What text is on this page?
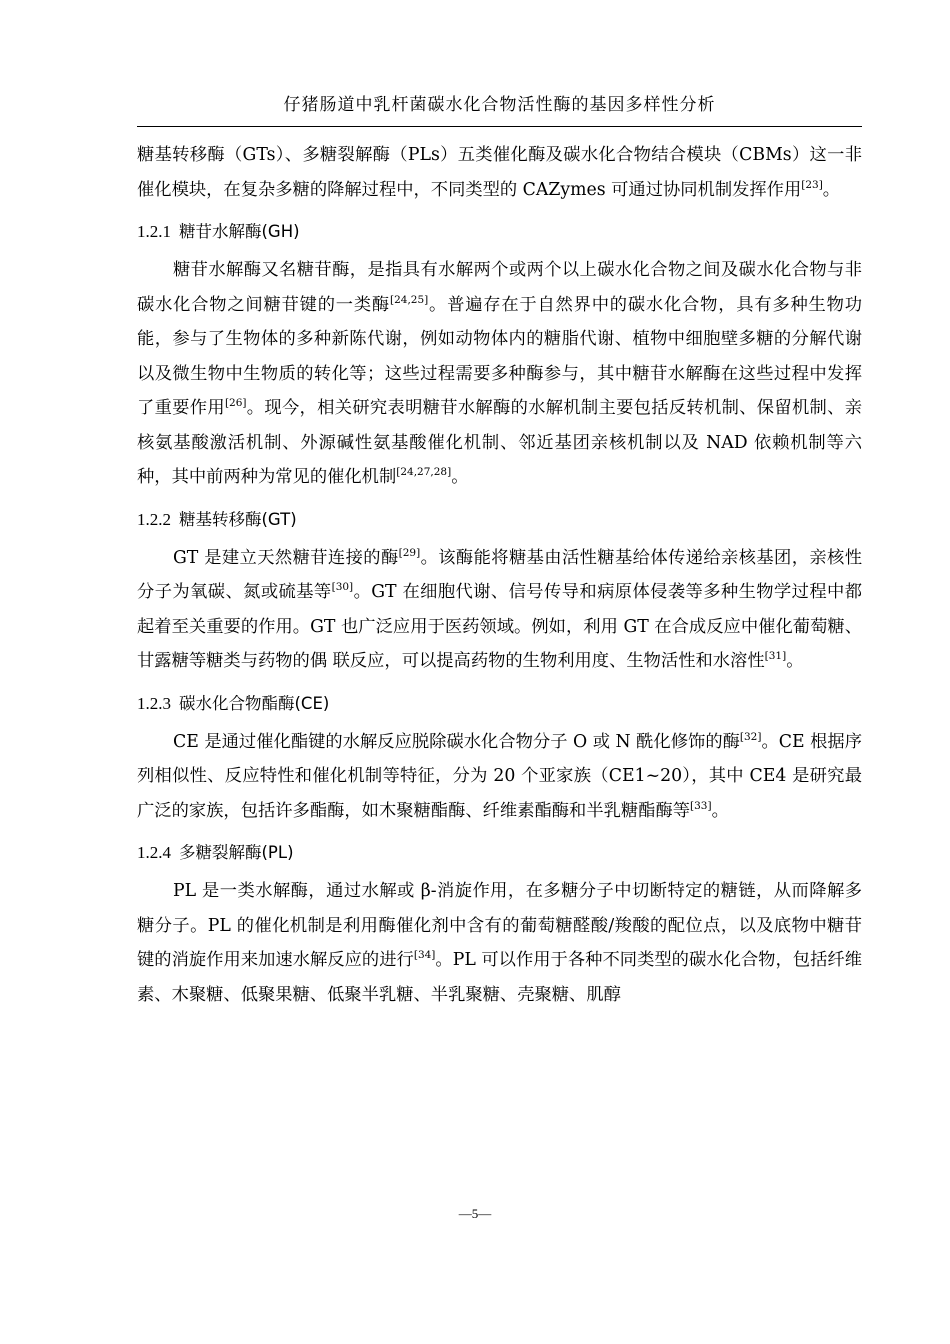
仔猪肠道中乳杆菌碳水化合物活性酶的基因多样性分析

糖基转移酶（GTs）、多糖裂解酶（PLs）五类催化酶及碳水化合物结合模块（CBMs）这一非催化模块，在复杂多糖的降解过程中，不同类型的 CAZymes 可通过协同机制发挥作用[23]。

1.2.1 糖苷水解酶(GH)

糖苷水解酶又名糖苷酶，是指具有水解两个或两个以上碳水化合物之间及碳水化合物与非碳水化合物之间糖苷键的一类酶[24,25]。普遍存在于自然界中的碳水化合物，具有多种生物功能，参与了生物体的多种新陈代谢，例如动物体内的糖脂代谢、植物中细胞壁多糖的分解代谢以及微生物中生物质的转化等；这些过程需要多种酶参与，其中糖苷水解酶在这些过程中发挥了重要作用[26]。现今，相关研究表明糖苷水解酶的水解机制主要包括反转机制、保留机制、亲核氨基酸激活机制、外源碱性氨基酸催化机制、邻近基团亲核机制以及 NAD 依赖机制等六种，其中前两种为常见的催化机制[24,27,28]。

1.2.2 糖基转移酶(GT)

GT 是建立天然糖苷连接的酶[29]。该酶能将糖基由活性糖基给体传递给亲核基团，亲核性分子为氧碳、氮或硫基等[30]。GT 在细胞代谢、信号传导和病原体侵袭等多种生物学过程中都起着至关重要的作用。GT 也广泛应用于医药领域。例如，利用 GT 在合成反应中催化葡萄糖、甘露糖等糖类与药物的偶 联反应，可以提高药物的生物利用度、生物活性和水溶性[31]。

1.2.3 碳水化合物酯酶(CE)

CE 是通过催化酯键的水解反应脱除碳水化合物分子 O 或 N 酰化修饰的酶[32]。CE 根据序列相似性、反应特性和催化机制等特征，分为 20 个亚家族（CE1~20），其中 CE4 是研究最广泛的家族，包括许多酯酶，如木聚糖酯酶、纤维素酯酶和半乳糖酯酶等[33]。

1.2.4 多糖裂解酶(PL)

PL 是一类水解酶，通过水解或 β-消旋作用，在多糖分子中切断特定的糖链，从而降解多糖分子。PL 的催化机制是利用酶催化剂中含有的葡萄糖醛酸/羧酸的配位点，以及底物中糖苷键的消旋作用来加速水解反应的进行[34]。PL 可以作用于各种不同类型的碳水化合物，包括纤维素、木聚糖、低聚果糖、低聚半乳糖、半乳聚糖、壳聚糖、肌醇

—5—
